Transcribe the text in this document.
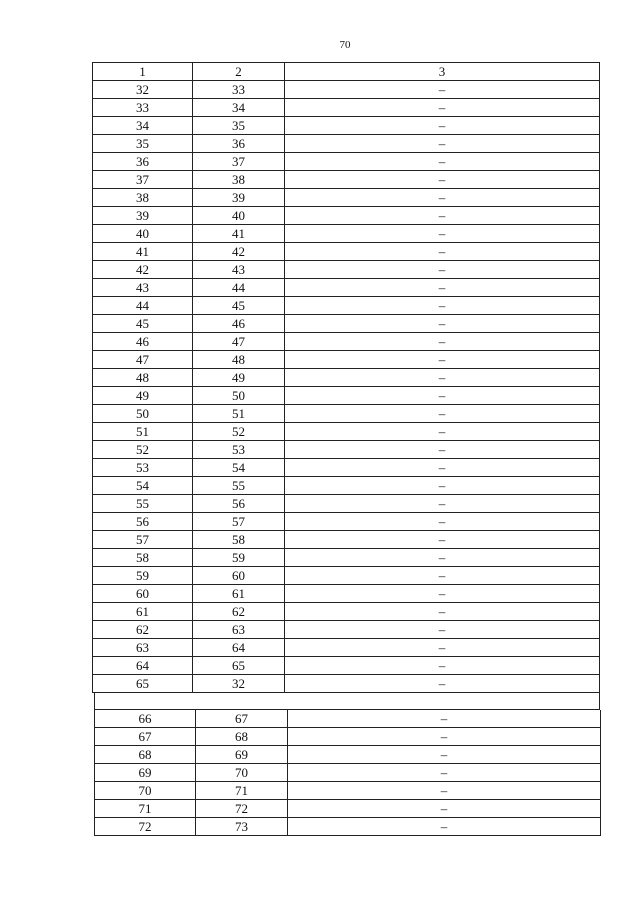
70
1	2	3
32	33	–
33	34	–
34	35	–
35	36	–
36	37	–
37	38	–
38	39	–
39	40	–
40	41	–
41	42	–
42	43	–
43	44	–
44	45	–
45	46	–
46	47	–
47	48	–
48	49	–
49	50	–
50	51	–
51	52	–
52	53	–
53	54	–
54	55	–
55	56	–
56	57	–
57	58	–
58	59	–
59	60	–
60	61	–
61	62	–
62	63	–
63	64	–
64	65	–
65	32	–
66	67	–
67	68	–
68	69	–
69	70	–
70	71	–
71	72	–
72	73	–
